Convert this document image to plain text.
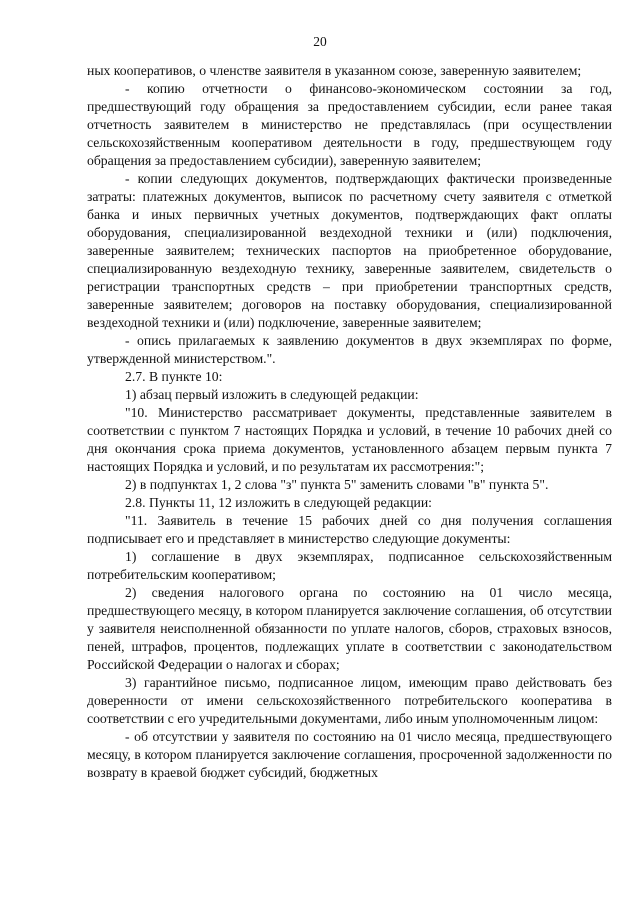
20

ных кооперативов, о членстве заявителя в указанном союзе, заверенную заявителем;

- копию отчетности о финансово-экономическом состоянии за год, предшествующий году обращения за предоставлением субсидии, если ранее такая отчетность заявителем в министерство не представлялась (при осуществлении сельскохозяйственным кооперативом деятельности в году, предшествующем году обращения за предоставлением субсидии), заверенную заявителем;

- копии следующих документов, подтверждающих фактически произведенные затраты: платежных документов, выписок по расчетному счету заявителя с отметкой банка и иных первичных учетных документов, подтверждающих факт оплаты оборудования, специализированной вездеходной техники и (или) подключения, заверенные заявителем; технических паспортов на приобретенное оборудование, специализированную вездеходную технику, заверенные заявителем, свидетельств о регистрации транспортных средств – при приобретении транспортных средств, заверенные заявителем; договоров на поставку оборудования, специализированной вездеходной техники и (или) подключение, заверенные заявителем;

- опись прилагаемых к заявлению документов в двух экземплярах по форме, утвержденной министерством.".

2.7. В пункте 10:

1) абзац первый изложить в следующей редакции:

"10. Министерство рассматривает документы, представленные заявителем в соответствии с пунктом 7 настоящих Порядка и условий, в течение 10 рабочих дней со дня окончания срока приема документов, установленного абзацем первым пункта 7 настоящих Порядка и условий, и по результатам их рассмотрения:";

2) в подпунктах 1, 2 слова "з" пункта 5" заменить словами "в" пункта 5".

2.8. Пункты 11, 12 изложить в следующей редакции:

"11. Заявитель в течение 15 рабочих дней со дня получения соглашения подписывает его и представляет в министерство следующие документы:

1) соглашение в двух экземплярах, подписанное сельскохозяйственным потребительским кооперативом;

2) сведения налогового органа по состоянию на 01 число месяца, предшествующего месяцу, в котором планируется заключение соглашения, об отсутствии у заявителя неисполненной обязанности по уплате налогов, сборов, страховых взносов, пеней, штрафов, процентов, подлежащих уплате в соответствии с законодательством Российской Федерации о налогах и сборах;

3) гарантийное письмо, подписанное лицом, имеющим право действовать без доверенности от имени сельскохозяйственного потребительского кооператива в соответствии с его учредительными документами, либо иным уполномоченным лицом:

- об отсутствии у заявителя по состоянию на 01 число месяца, предшествующего месяцу, в котором планируется заключение соглашения, просроченной задолженности по возврату в краевой бюджет субсидий, бюджетных
